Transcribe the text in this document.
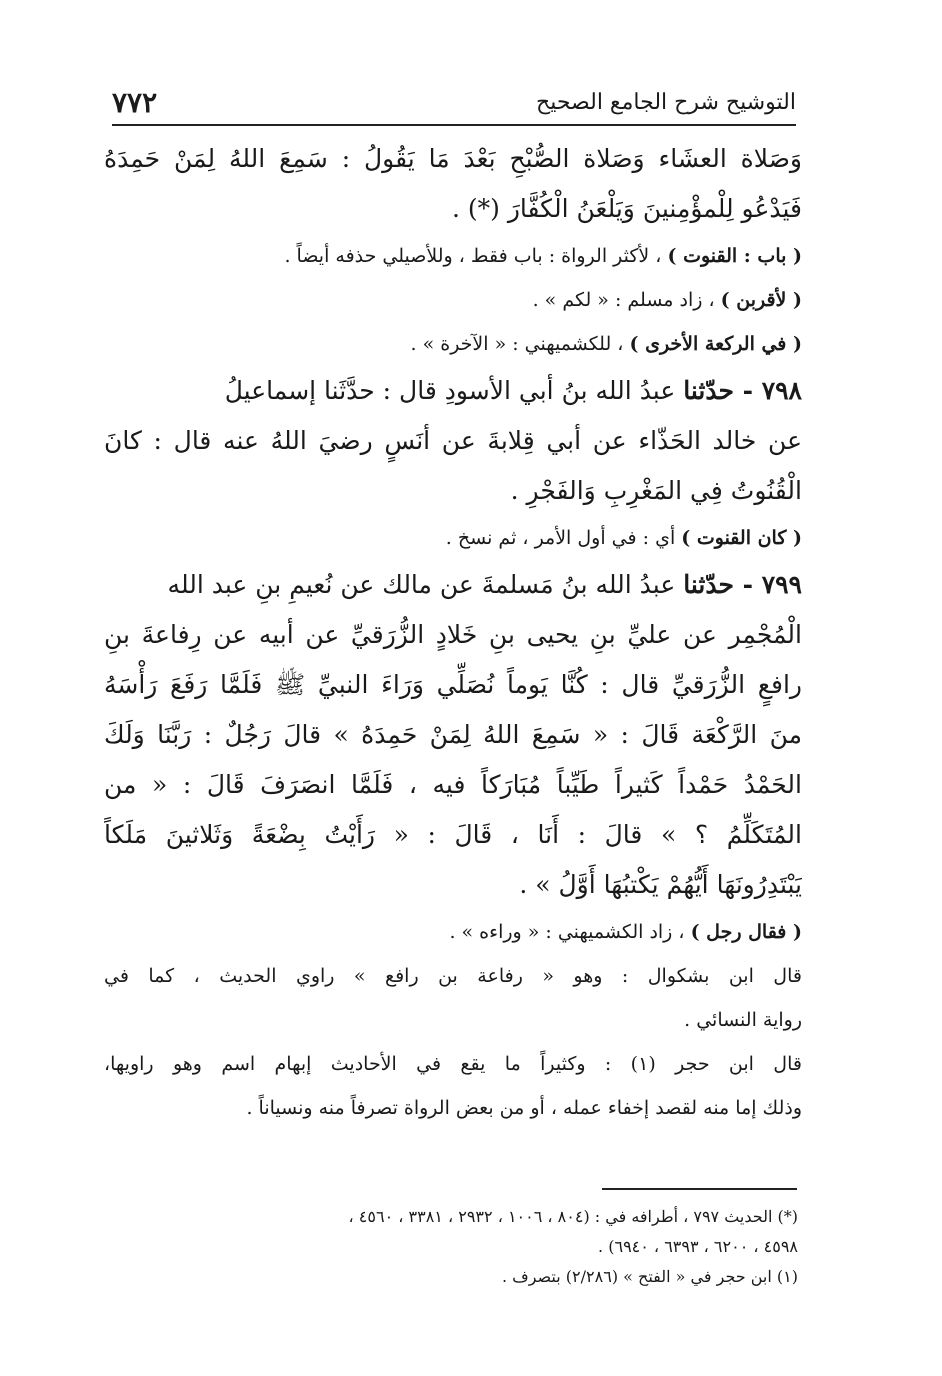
٧٧٢	التوشيح شرح الجامع الصحيح
وَصَلاة العشَاء وَصَلاة الصُّبْحِ بَعْدَ مَا يَقُولُ : سَمِعَ اللهُ لِمَنْ حَمِدَهُ
فَيَدْعُو لِلْمؤْمِنينَ وَيَلْعَنُ الْكُفَّارَ (*) .
( باب : القنوت ) ، لأكثر الرواة : باب فقط ، وللأصيلي حذفه أيضاً .
( لأقربن ) ، زاد مسلم : « لكم » .
( في الركعة الأخرى ) ، للكشميهني : « الآخرة » .
٧٩٨ - حدّثنا عبدُ الله بنُ أبي الأسودِ قال : حدَّثَنا إسماعيلُ
عن خالد الحَذّاء عن أبي قِلابةَ عن أنَسٍ رضيَ اللهُ عنه قال : كانَ
الْقُنُوتُ فِي المَغْرِبِ وَالفَجْرِ .
( كان القنوت ) أي : في أول الأمر ، ثم نسخ .
٧٩٩ - حدّثنا عبدُ الله بنُ مَسلمةَ عن مالك عن نُعيمِ بنِ عبد الله
الْمُجْمِر عن عليِّ بنِ يحيى بنِ خَلادٍ الزُّرَقيِّ عن أبيه عن رِفاعةَ بنِ
رافعٍ الزُّرَقيِّ قال : كُنَّا يَوماً نُصَلِّي وَرَاءَ النبيِّ ﷺ فَلَمَّا رَفَعَ رَأْسَهُ
منَ الرَّكْعَة قَالَ : « سَمِعَ اللهُ لِمَنْ حَمِدَهُ » قالَ رَجُلٌ : رَبَّنَا وَلَكَ
الحَمْدُ حَمْداً كَثيراً طَيِّباً مُبَارَكاً فيه ، فَلَمَّا انصَرَفَ قَالَ : « من
المُتَكَلِّمُ ؟ » قالَ : أَنَا ، قَالَ : « رَأَيْتُ بِضْعَةً وَثَلاثينَ مَلَكاً
يَبْتَدِرُونَهَا أَيُّهُمْ يَكْتبُهَا أَوَّلُ » .
( فقال رجل ) ، زاد الكشميهني : « وراءه » .
قال ابن بشكوال : وهو « رفاعة بن رافع » راوي الحديث ، كما في
رواية النسائي .
قال ابن حجر (١) : وكثيراً ما يقع في الأحاديث إبهام اسم وهو راويها،
وذلك إما منه لقصد إخفاء عمله ، أو من بعض الرواة تصرفاً منه ونسياناً .
(*) الحديث ٧٩٧ ، أطرافه في : (٨٠٤ ، ١٠٠٦ ، ٢٩٣٢ ، ٣٣٨١ ، ٤٥٦٠ ،
٤٥٩٨ ، ٦٢٠٠ ، ٦٣٩٣ ، ٦٩٤٠) .
(١) ابن حجر في « الفتح » (٢/٢٨٦) بتصرف .
